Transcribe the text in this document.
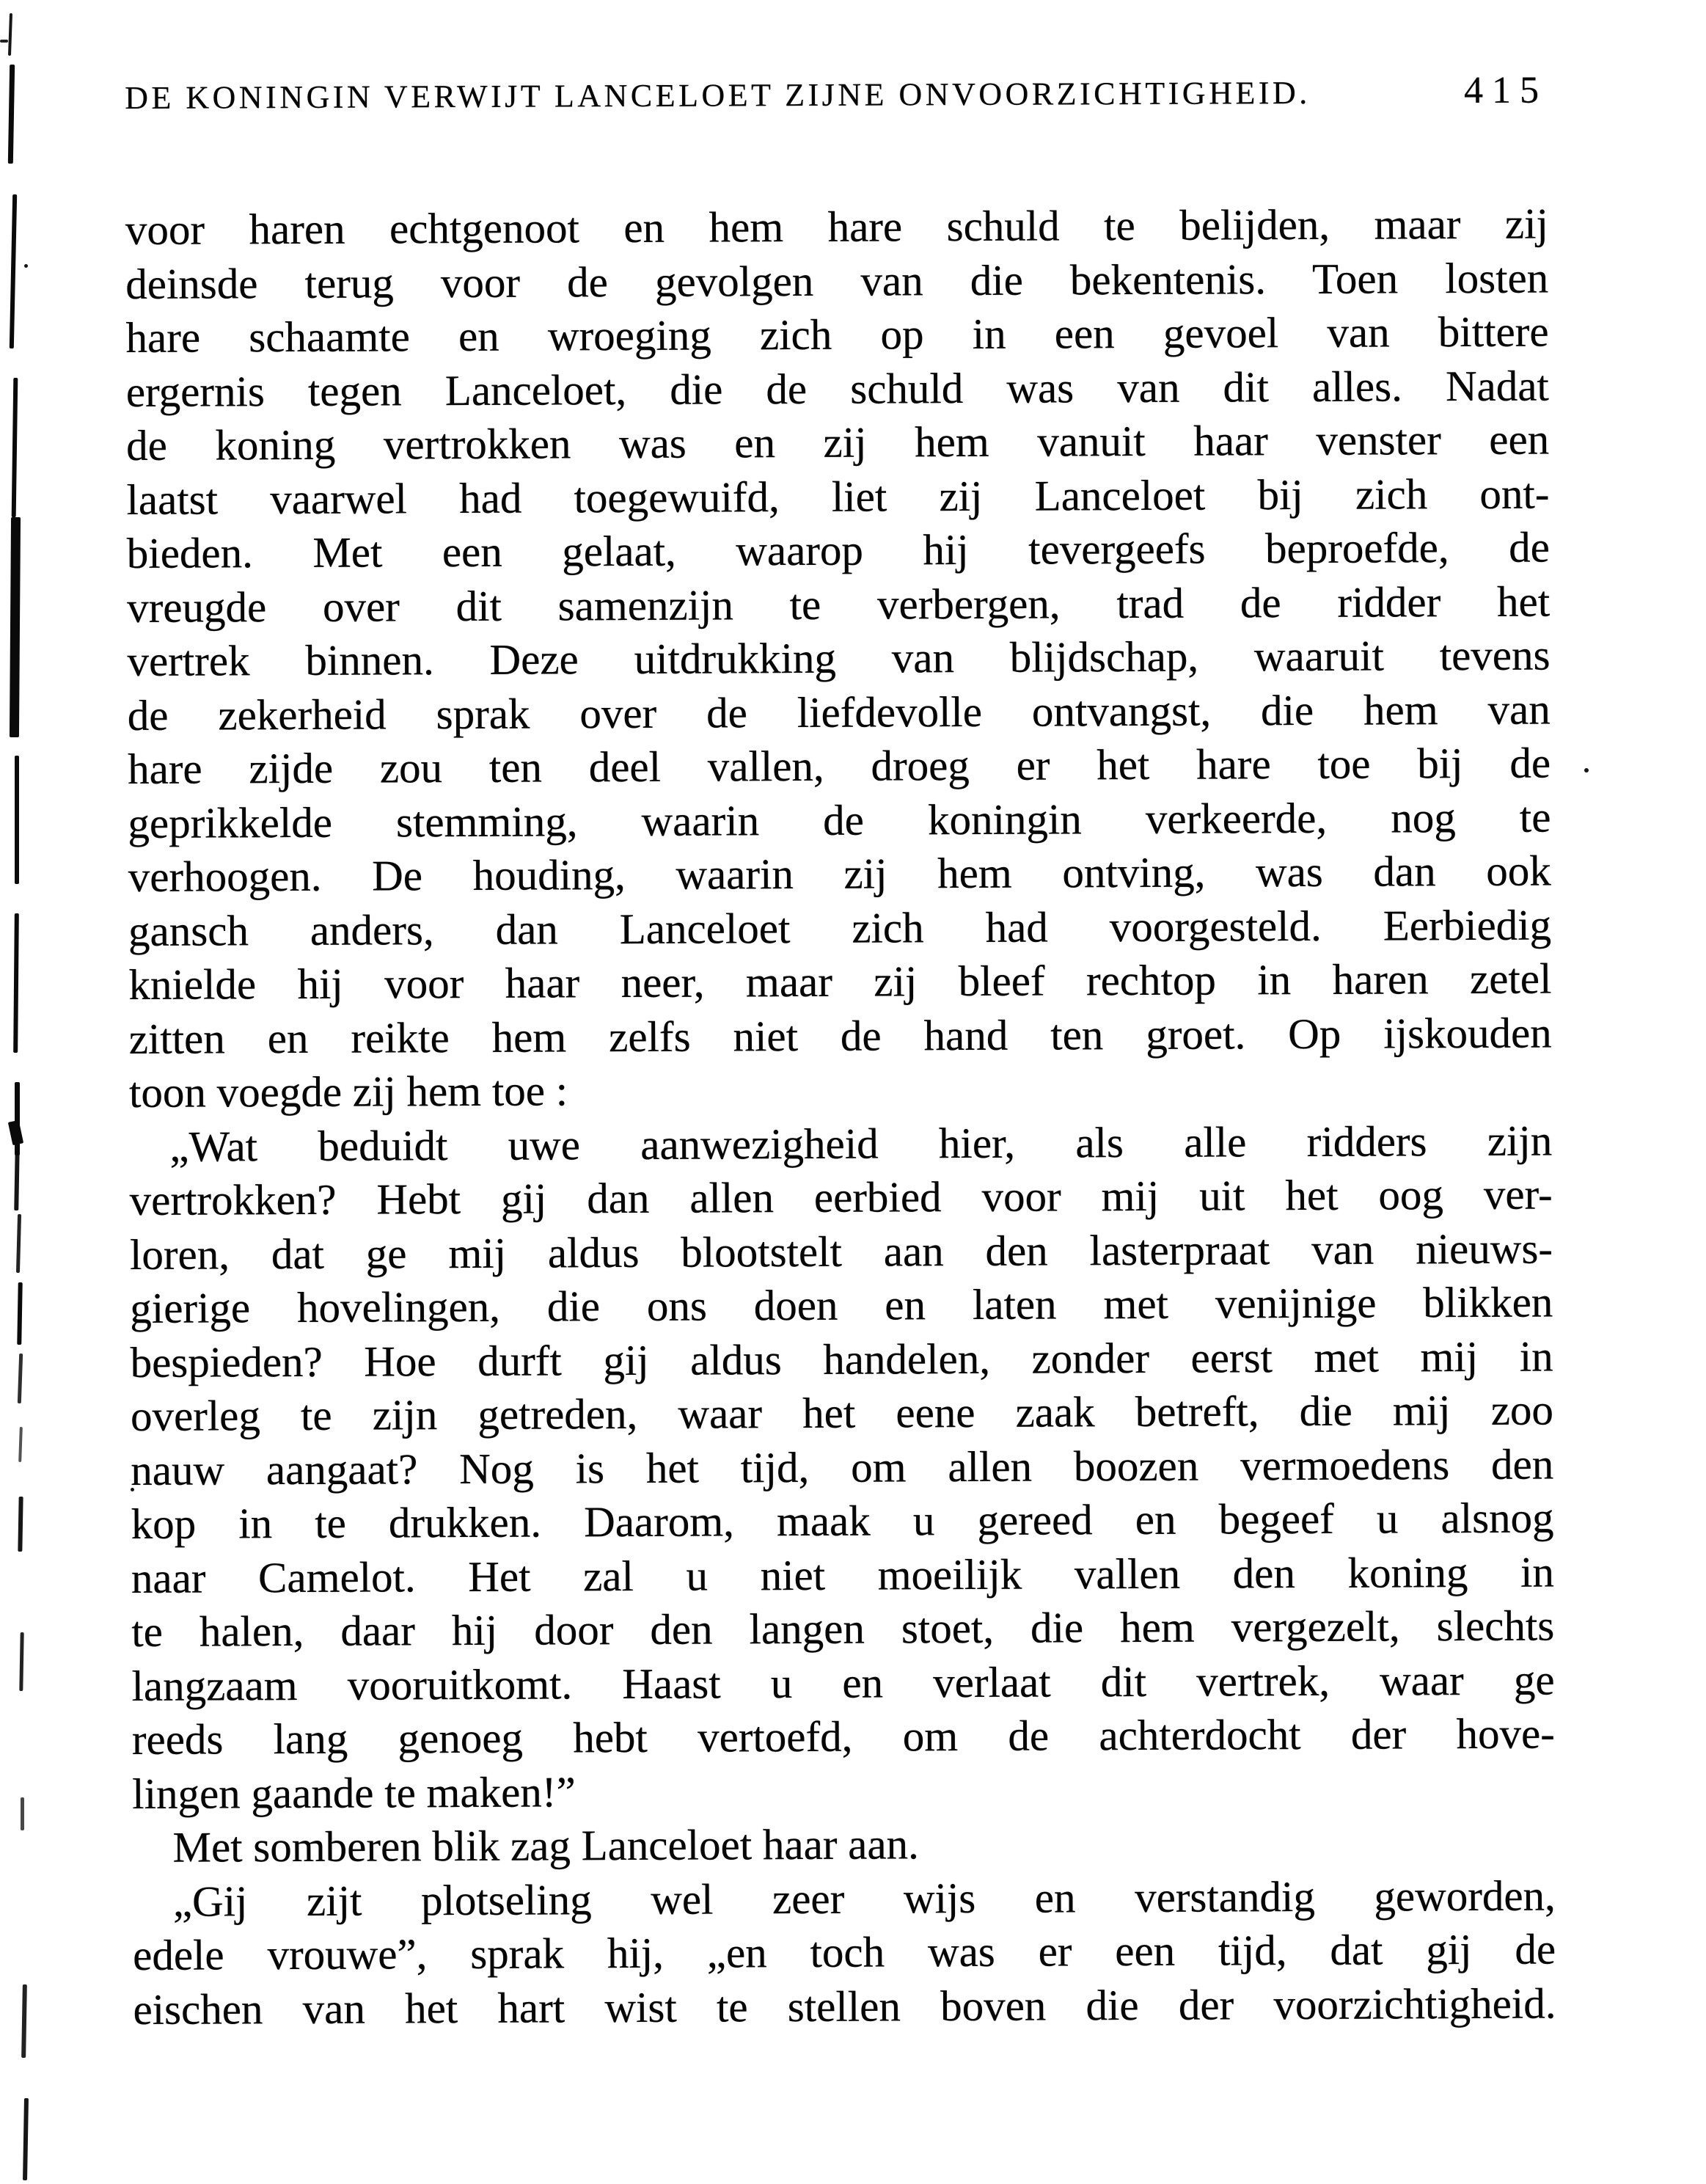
DE KONINGIN VERWIJT LANCELOET ZIJNE ONVOORZICHTIGHEID.	415
voor haren echtgenoot en hem hare schuld te belijden, maar zij
deinsde terug voor de gevolgen van die bekentenis. Toen losten
hare schaamte en wroeging zich op in een gevoel van bittere
ergernis tegen Lanceloet, die de schuld was van dit alles. Nadat
de koning vertrokken was en zij hem vanuit haar venster een
laatst vaarwel had toegewuifd, liet zij Lanceloet bij zich ont-
bieden. Met een gelaat, waarop hij tevergeefs beproefde, de
vreugde over dit samenzijn te verbergen, trad de ridder het
vertrek binnen. Deze uitdrukking van blijdschap, waaruit tevens
de zekerheid sprak over de liefdevolle ontvangst, die hem van
hare zijde zou ten deel vallen, droeg er het hare toe bij de
geprikkelde stemming, waarin de koningin verkeerde, nog te
verhoogen. De houding, waarin zij hem ontving, was dan ook
gansch anders, dan Lanceloet zich had voorgesteld. Eerbiedig
knielde hij voor haar neer, maar zij bleef rechtop in haren zetel
zitten en reikte hem zelfs niet de hand ten groet. Op ijskouden
toon voegde zij hem toe :
„Wat beduidt uwe aanwezigheid hier, als alle ridders zijn
vertrokken? Hebt gij dan allen eerbied voor mij uit het oog ver-
loren, dat ge mij aldus blootstelt aan den lasterpraat van nieuws-
gierige hovelingen, die ons doen en laten met venijnige blikken
bespieden? Hoe durft gij aldus handelen, zonder eerst met mij in
overleg te zijn getreden, waar het eene zaak betreft, die mij zoo
nauw aangaat? Nog is het tijd, om allen boozen vermoedens den
kop in te drukken. Daarom, maak u gereed en begeef u alsnog
naar Camelot. Het zal u niet moeilijk vallen den koning in
te halen, daar hij door den langen stoet, die hem vergezelt, slechts
langzaam vooruitkomt. Haast u en verlaat dit vertrek, waar ge
reeds lang genoeg hebt vertoefd, om de achterdocht der hove-
lingen gaande te maken!”
Met somberen blik zag Lanceloet haar aan.
„Gij zijt plotseling wel zeer wijs en verstandig geworden,
edele vrouwe”, sprak hij, „en toch was er een tijd, dat gij de
eischen van het hart wist te stellen boven die der voorzichtigheid.
